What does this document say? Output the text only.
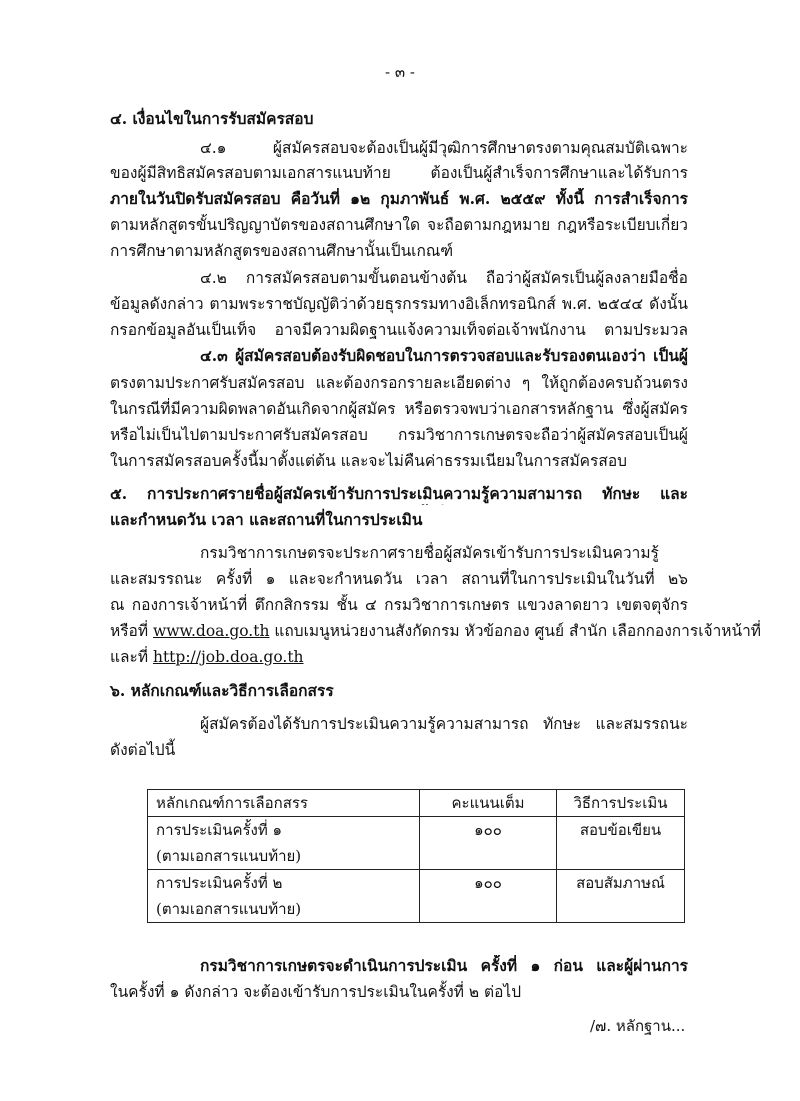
- ๓ -
๔. เงื่อนไขในการรับสมัครสอบ
๔.๑ ผู้สมัครสอบจะต้องเป็นผู้มีวุฒิการศึกษาตรงตามคุณสมบัติเฉพาะ
ของผู้มีสิทธิสมัครสอบตามเอกสารแนบท้าย ต้องเป็นผู้สำเร็จการศึกษาและได้รับการ
ภายในวันปิดรับสมัครสอบ คือวันที่ ๑๒ กุมภาพันธ์ พ.ศ. ๒๕๕๙ ทั้งนี้ การสำเร็จการ
ตามหลักสูตรขั้นปริญญาบัตรของสถานศึกษาใด จะถือตามกฎหมาย กฎหรือระเบียบเกี่ยว
การศึกษาตามหลักสูตรของสถานศึกษานั้นเป็นเกณฑ์
๔.๒ การสมัครสอบตามขั้นตอนข้างต้น ถือว่าผู้สมัครเป็นผู้ลงลายมือชื่อ
ข้อมูลดังกล่าว ตามพระราชบัญญัติว่าด้วยธุรกรรมทางอิเล็กทรอนิกส์ พ.ศ. ๒๕๔๔ ดังนั้น
กรอกข้อมูลอันเป็นเท็จ อาจมีความผิดฐานแจ้งความเท็จต่อเจ้าพนักงาน ตามประมวล
๔.๓ ผู้สมัครสอบต้องรับผิดชอบในการตรวจสอบและรับรองตนเองว่า เป็นผู้
ตรงตามประกาศรับสมัครสอบ และต้องกรอกรายละเอียดต่าง ๆ ให้ถูกต้องครบถ้วนตรง
ในกรณีที่มีความผิดพลาดอันเกิดจากผู้สมัคร หรือตรวจพบว่าเอกสารหลักฐาน ซึ่งผู้สมัคร
หรือไม่เป็นไปตามประกาศรับสมัครสอบ กรมวิชาการเกษตรจะถือว่าผู้สมัครสอบเป็นผู้
ในการสมัครสอบครั้งนี้มาตั้งแต่ต้น และจะไม่คืนค่าธรรมเนียมในการสมัครสอบ
๕. การประกาศรายชื่อผู้สมัครเข้ารับการประเมินความรู้ความสามารถ ทักษะ และ
และกำหนดวัน เวลา และสถานที่ในการประเมิน
กรมวิชาการเกษตรจะประกาศรายชื่อผู้สมัครเข้ารับการประเมินความรู้
และสมรรถนะ ครั้งที่ ๑ และจะกำหนดวัน เวลา สถานที่ในการประเมินในวันที่ ๒๖
ณ กองการเจ้าหน้าที่ ตึกกสิกรรม ชั้น ๔ กรมวิชาการเกษตร แขวงลาดยาว เขตจตุจักร
หรือที่ www.doa.go.th แถบเมนูหน่วยงานสังกัดกรม หัวข้อกอง ศูนย์ สำนัก เลือกกองการเจ้าหน้าที่
และที่ http://job.doa.go.th
๖. หลักเกณฑ์และวิธีการเลือกสรร
ผู้สมัครต้องได้รับการประเมินความรู้ความสามารถ ทักษะ และสมรรถนะ
ดังต่อไปนี้
หลักเกณฑ์การเลือกสรร	คะแนนเต็ม	วิธีการประเมิน

การประเมินครั้งที่ ๑
(ตามเอกสารแนบท้าย)	๑๐๐	สอบข้อเขียน

การประเมินครั้งที่ ๒
(ตามเอกสารแนบท้าย)	๑๐๐	สอบสัมภาษณ์
กรมวิชาการเกษตรจะดำเนินการประเมิน ครั้งที่ ๑ ก่อน และผู้ผ่านการ
ในครั้งที่ ๑ ดังกล่าว จะต้องเข้ารับการประเมินในครั้งที่ ๒ ต่อไป
/๗. หลักฐาน...
